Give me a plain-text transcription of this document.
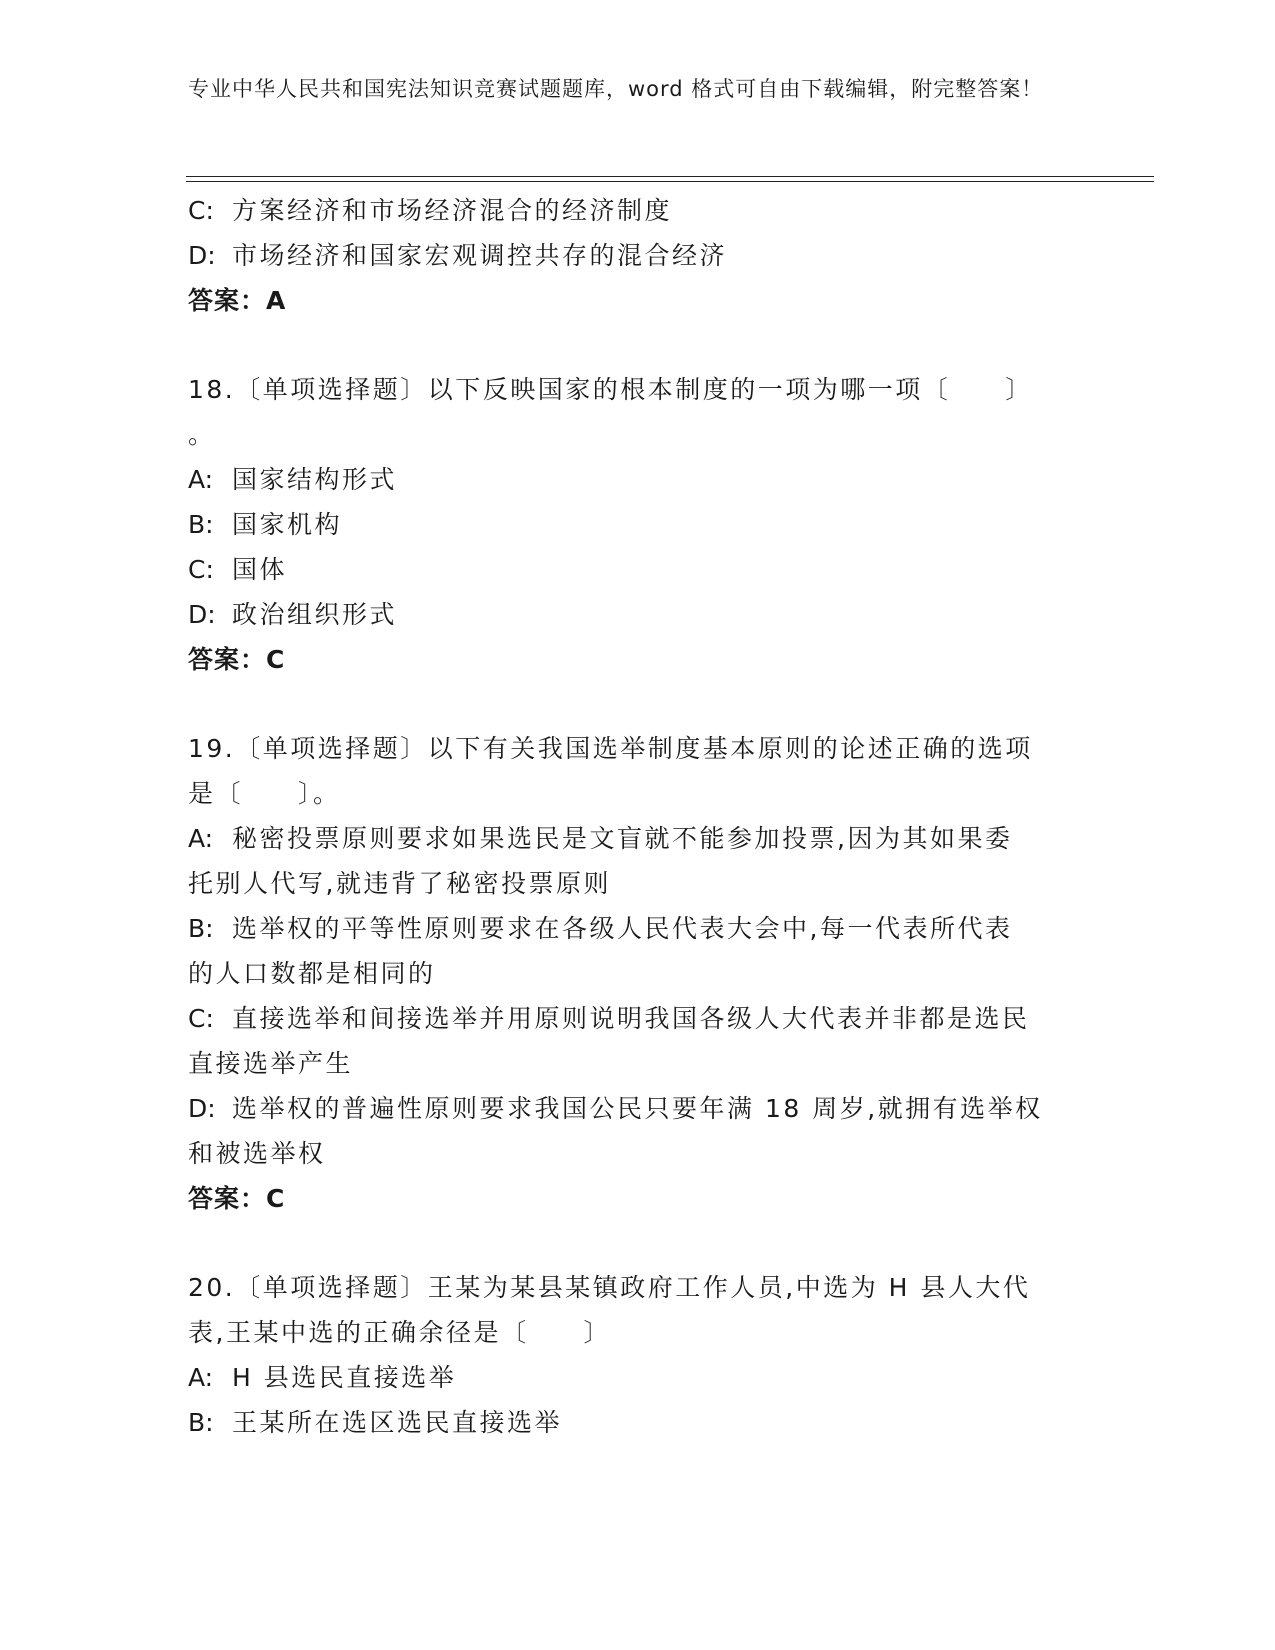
专业中华人民共和国宪法知识竞赛试题题库，word 格式可自由下载编辑，附完整答案！
C: 方案经济和市场经济混合的经济制度
D: 市场经济和国家宏观调控共存的混合经济
答案：A
18.〔单项选择题〕以下反映国家的根本制度的一项为哪一项〔　　〕
。
A: 国家结构形式
B: 国家机构
C: 国体
D: 政治组织形式
答案：C
19.〔单项选择题〕以下有关我国选举制度基本原则的论述正确的选项
是〔　　〕。
A: 秘密投票原则要求如果选民是文盲就不能参加投票,因为其如果委
托别人代写,就违背了秘密投票原则
B: 选举权的平等性原则要求在各级人民代表大会中,每一代表所代表
的人口数都是相同的
C: 直接选举和间接选举并用原则说明我国各级人大代表并非都是选民
直接选举产生
D: 选举权的普遍性原则要求我国公民只要年满 18 周岁,就拥有选举权
和被选举权
答案：C
20.〔单项选择题〕王某为某县某镇政府工作人员,中选为 H 县人大代
表,王某中选的正确余径是〔　　〕
A: H 县选民直接选举
B: 王某所在选区选民直接选举
